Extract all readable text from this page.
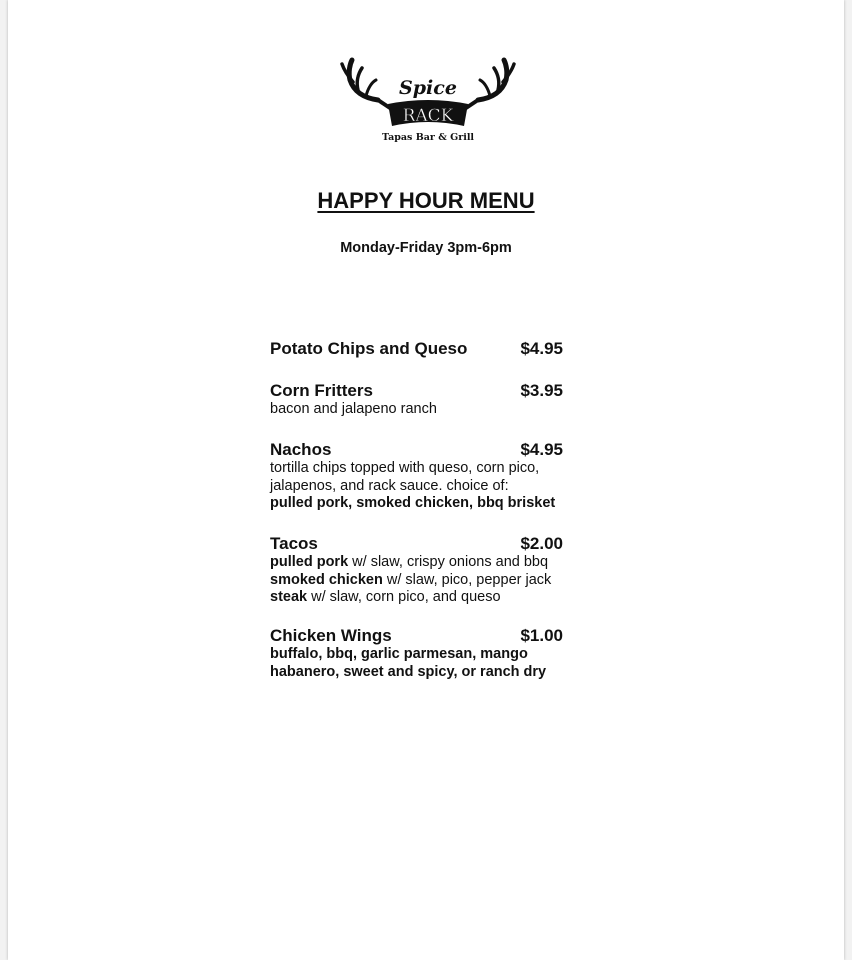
Spice
RACK
Tapas Bar & Grill
HAPPY HOUR MENU
Monday-Friday 3pm-6pm
Potato Chips and Queso	$4.95
Corn Fritters	$3.95
bacon and jalapeno ranch
Nachos	$4.95
tortilla chips topped with queso, corn pico, jalapenos, and rack sauce. choice of:
pulled pork, smoked chicken, bbq brisket
Tacos	$2.00
pulled pork w/ slaw, crispy onions and bbq
smoked chicken w/ slaw, pico, pepper jack
steak w/ slaw, corn pico, and queso
Chicken Wings	$1.00
buffalo, bbq, garlic parmesan, mango habanero, sweet and spicy, or ranch dry
